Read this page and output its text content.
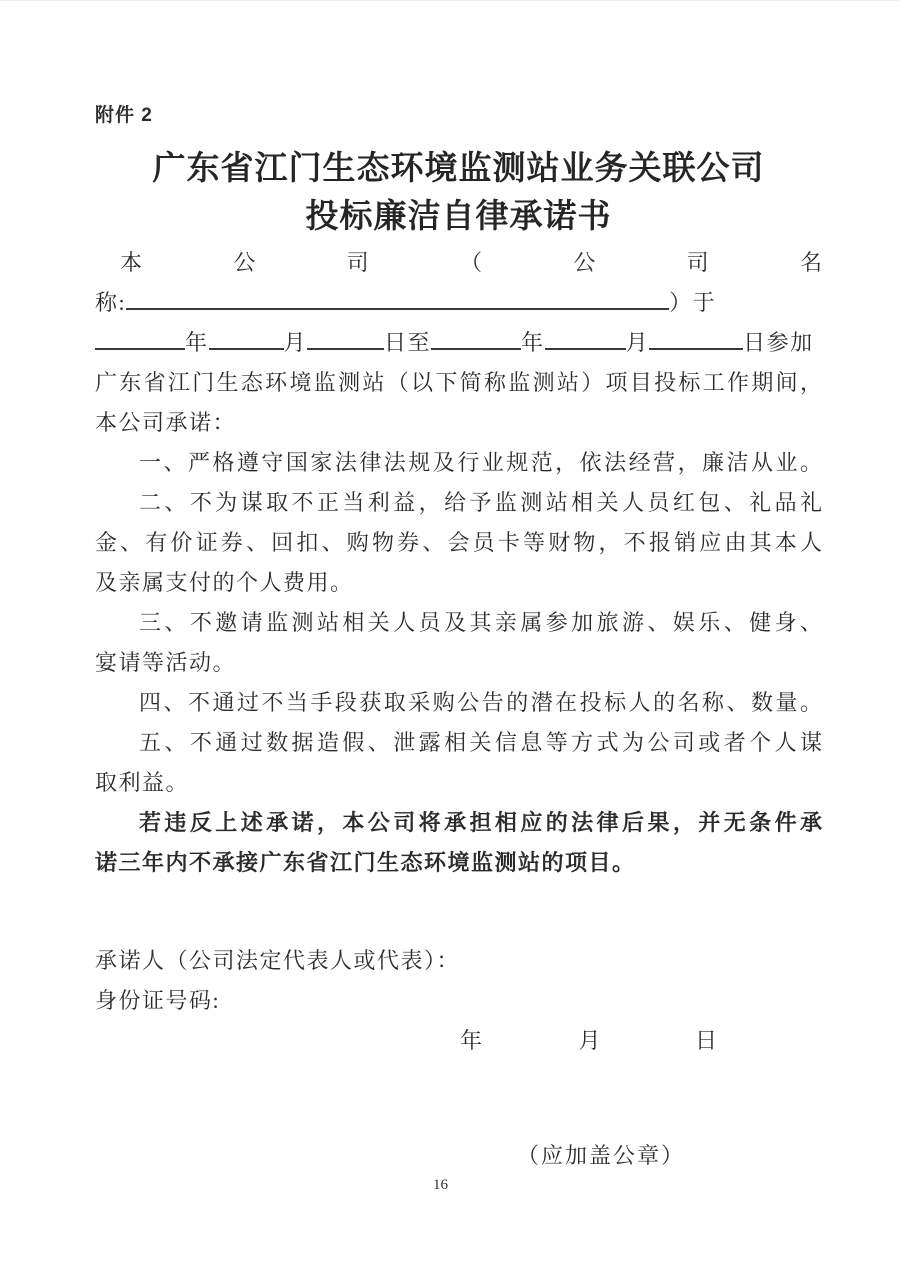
附件 2
广东省江门生态环境监测站业务关联公司
投标廉洁自律承诺书
本	公	司	（	公	司	名
称:	）于
年	月	日至	年	月	日参加
广东省江门生态环境监测站（以下简称监测站）项目投标工作期间，
本公司承诺：
一、严格遵守国家法律法规及行业规范，依法经营，廉洁从业。
二、不为谋取不正当利益，给予监测站相关人员红包、礼品礼
金、有价证券、回扣、购物券、会员卡等财物，不报销应由其本人
及亲属支付的个人费用。
三、不邀请监测站相关人员及其亲属参加旅游、娱乐、健身、
宴请等活动。
四、不通过不当手段获取采购公告的潜在投标人的名称、数量。
五、不通过数据造假、泄露相关信息等方式为公司或者个人谋
取利益。
若违反上述承诺，本公司将承担相应的法律后果，并无条件承
诺三年内不承接广东省江门生态环境监测站的项目。
承诺人（公司法定代表人或代表）：
身份证号码:
年	月	日
（应加盖公章）
16
